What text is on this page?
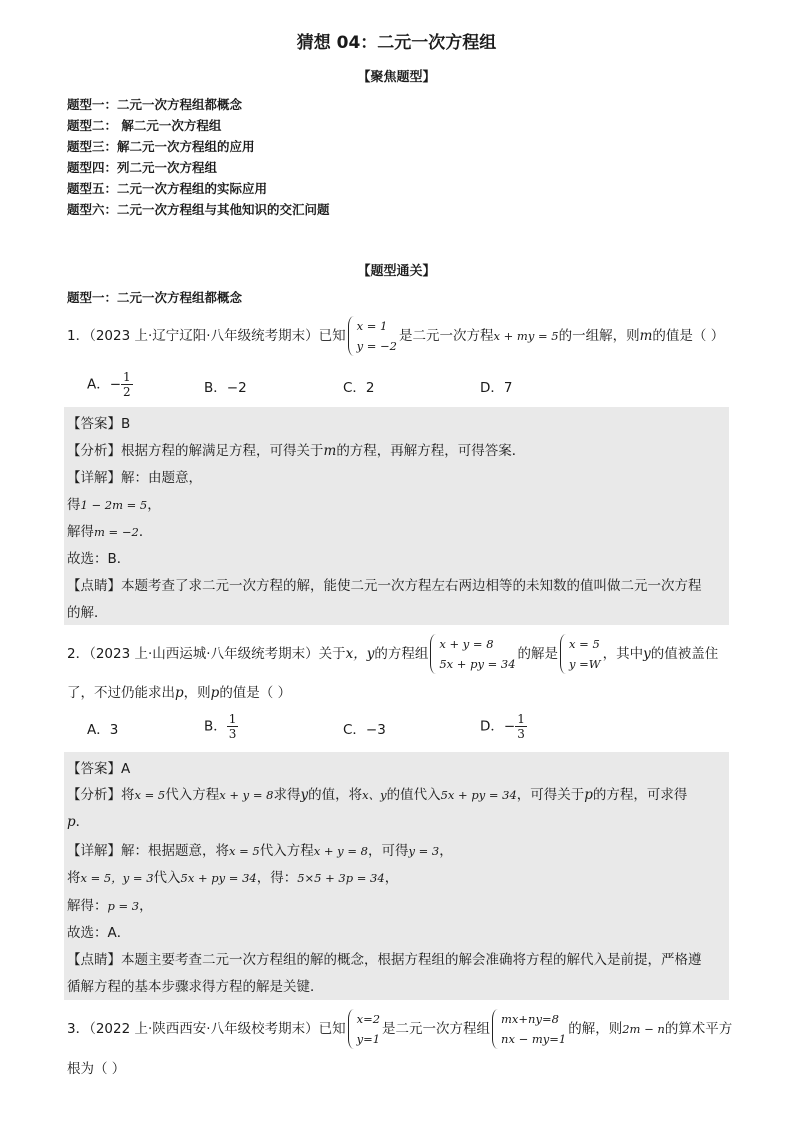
猜想 04：二元一次方程组
【聚焦题型】
题型一：二元一次方程组都概念
题型二： 解二元一次方程组
题型三：解二元一次方程组的应用
题型四：列二元一次方程组
题型五：二元一次方程组的实际应用
题型六：二元一次方程组与其他知识的交汇问题
【题型通关】
题型一：二元一次方程组都概念
1．（2023 上·辽宁辽阳·八年级统考期末）已知
x = 1
y = −2
是二元一次方程x + my = 5的一组解，则m的值是（ ）
A．− $\frac{1}{2}$	B．−2	C．2	D．7
【答案】B
【分析】根据方程的解满足方程，可得关于m的方程，再解方程，可得答案．
【详解】解：由题意，
得1 − 2m = 5，
解得m = −2．
故选：B．
【点睛】本题考查了求二元一次方程的解，能使二元一次方程左右两边相等的未知数的值叫做二元一次方程
的解．
2．（2023 上·山西运城·八年级统考期末）关于x，y的方程组
x + y = 8
5x + py = 34
的解是
x = 5
y =W
，其中y的值被盖住
了，不过仍能求出p，则p的值是（ ）
A．3	B． $\frac{1}{3}$	C．−3	D．− $\frac{1}{3}$
【答案】A
【分析】将x = 5代入方程x + y = 8求得y的值，将x、y的值代入5x + py = 34，可得关于p的方程，可求得
p．
【详解】解：根据题意，将x = 5代入方程x + y = 8，可得y = 3，
将x = 5，y = 3代入5x + py = 34，得：5×5 + 3p = 34，
解得：p = 3，
故选：A．
【点睛】本题主要考查二元一次方程组的解的概念，根据方程组的解会准确将方程的解代入是前提，严格遵
循解方程的基本步骤求得方程的解是关键．
3．（2022 上·陕西西安·八年级校考期末）已知
x=2
y=1
是二元一次方程组
mx+ny=8
nx − my=1
的解，则2m − n的算术平方
根为（ ）
